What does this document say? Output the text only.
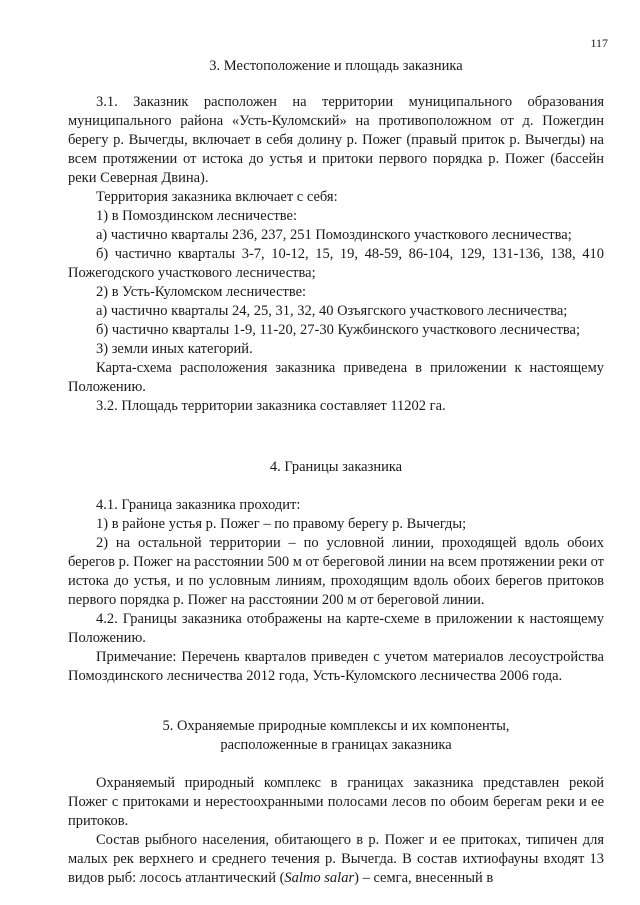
117
3. Местоположение и площадь заказника

3.1. Заказник расположен на территории муниципального образования муниципального района «Усть-Куломский» на противоположном от д. Пожегдин берегу р. Вычегды, включает в себя долину р. Пожег (правый приток р. Вычегды) на всем протяжении от истока до устья и притоки первого порядка р. Пожег (бассейн реки Северная Двина).

Территория заказника включает с себя:

1) в Помоздинском лесничестве:

а) частично кварталы 236, 237, 251 Помоздинского участкового лесничества;

б) частично кварталы 3-7, 10-12, 15, 19, 48-59, 86-104, 129, 131-136, 138, 410 Пожегодского участкового лесничества;

2) в Усть-Куломском лесничестве:

а) частично кварталы 24, 25, 31, 32, 40 Озъягского участкового лесничества;

б) частично кварталы 1-9, 11-20, 27-30 Кужбинского участкового лесничества;

3) земли иных категорий.

Карта-схема расположения заказника приведена в приложении к настоящему Положению.

3.2. Площадь территории заказника составляет 11202 га.

4. Границы заказника

4.1. Граница заказника проходит:

1) в районе устья р. Пожег – по правому берегу р. Вычегды;

2) на остальной территории – по условной линии, проходящей вдоль обоих берегов р. Пожег на расстоянии 500 м от береговой линии на всем протяжении реки от истока до устья, и по условным линиям, проходящим вдоль обоих берегов притоков первого порядка р. Пожег на расстоянии 200 м от береговой линии.

4.2. Границы заказника отображены на карте-схеме в приложении к настоящему Положению.

Примечание: Перечень кварталов приведен с учетом материалов лесоустройства Помоздинского лесничества 2012 года, Усть-Куломского лесничества 2006 года.

5. Охраняемые природные комплексы и их компоненты,
расположенные в границах заказника

Охраняемый природный комплекс в границах заказника представлен рекой Пожег с притоками и нерестоохранными полосами лесов по обоим берегам реки и ее притоков.

Состав рыбного населения, обитающего в р. Пожег и ее притоках, типичен для малых рек верхнего и среднего течения р. Вычегда. В состав ихтиофауны входят 13 видов рыб: лосось атлантический (Salmo salar) – семга, внесенный в
